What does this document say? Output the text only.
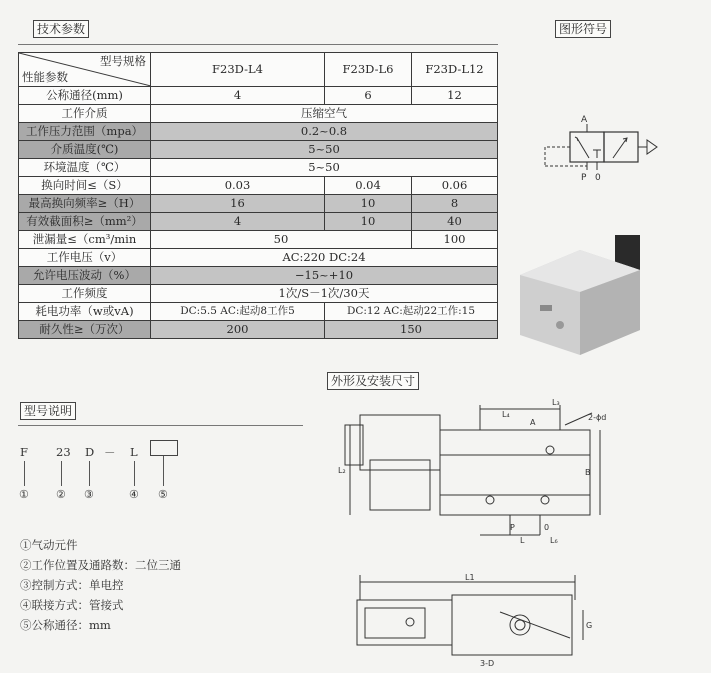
技术参数	图形符号
型号规格
性能参数	F23D-L4	F23D-L6	F23D-L12
公称通径(mm)	4	6	12
工作介质	压缩空气		
工作压力范围（mpa）	0.2~0.8		
介质温度(℃)	5~50		
环境温度（℃）	5~50		
换向时间≤（S）	0.03	0.04	0.06
最高换向频率≥（H）	16	10	8
有效截面积≥（mm²）	4	10	40
泄漏量≤（cm³/min	50		100
工作电压（v）	AC:220 DC:24		
允许电压波动（%）	−15~+10		
工作频度	1次/S－1次/30天		
耗电功率（w或vA)	DC:5.5 AC:起动8工作5	DC:12 AC:起动22工作:15	
耐久性≥（万次）	200	150	
A
P 0
外形及安装尺寸
L₄
L₃
A
2-ϕd
L₂	B
P	0
L	L₆
L1
G
3-D
型号说明
F 23 D － L
① ② ③	④ ⑤
①气动元件
②工作位置及通路数：二位三通
③控制方式：单电控
④联接方式：管接式
⑤公称通径：mm
